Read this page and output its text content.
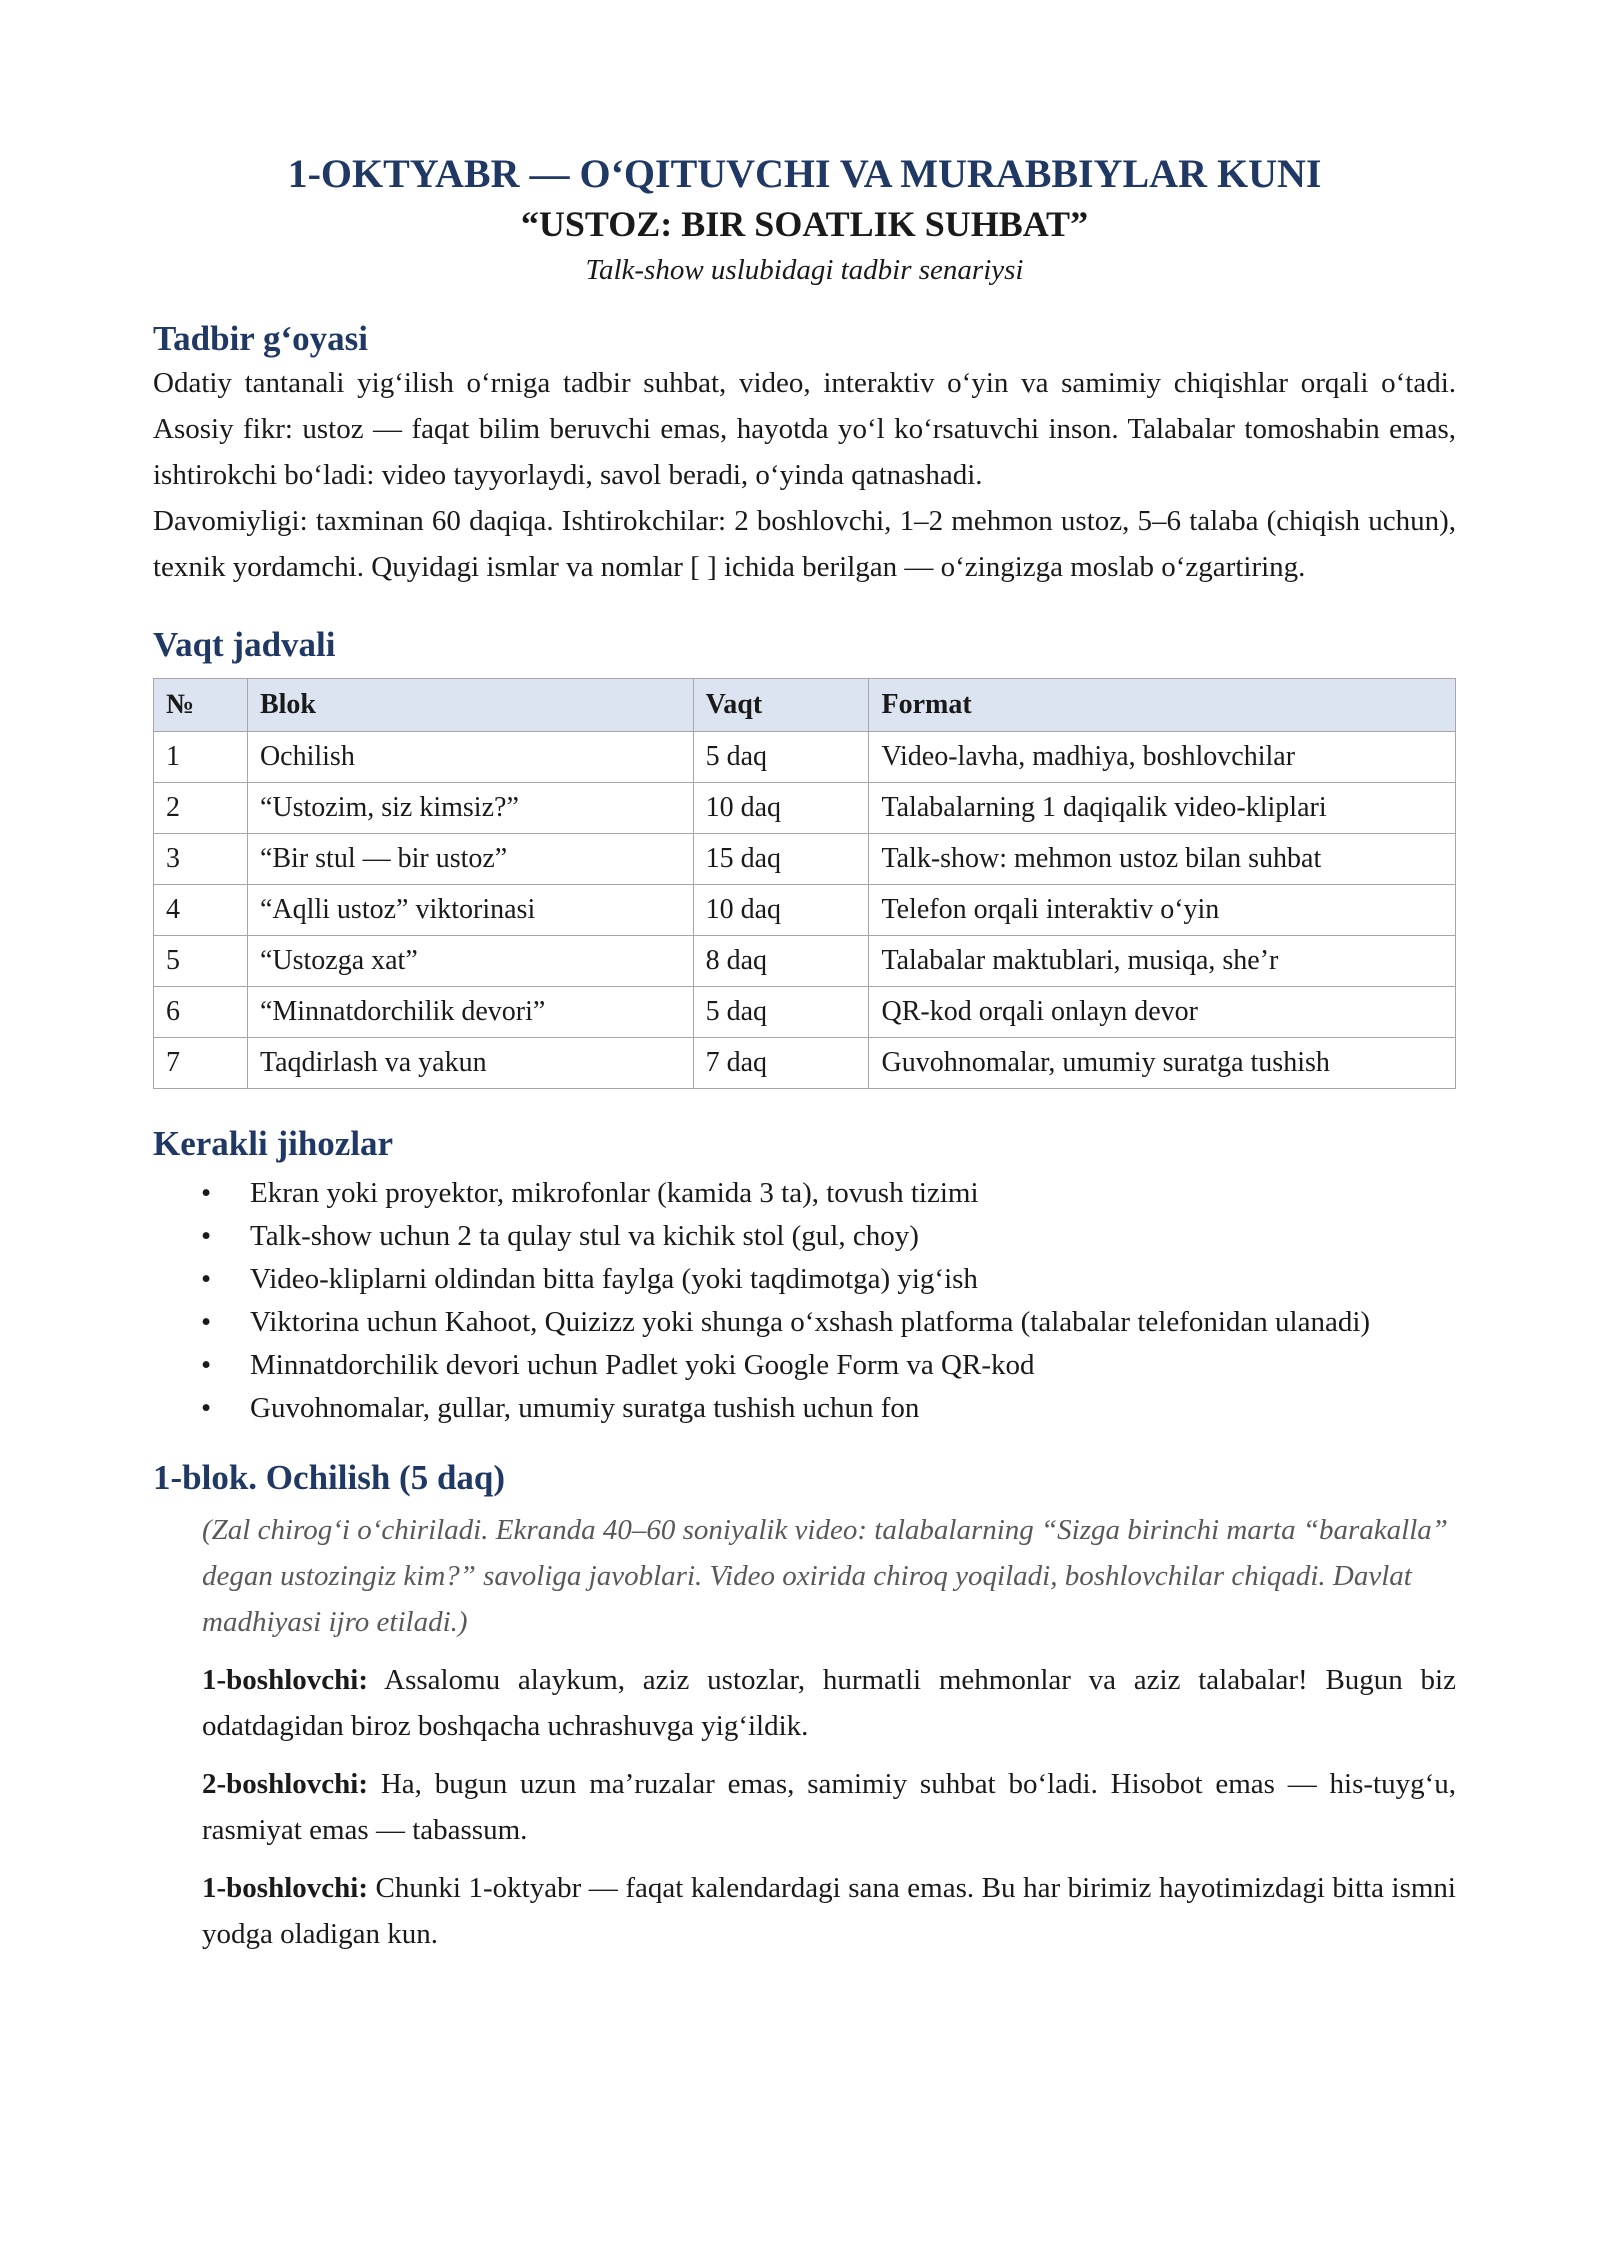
1-OKTYABR — O‘QITUVCHI VA MURABBIYLAR KUNI
“USTOZ: BIR SOATLIK SUHBAT”
Talk-show uslubidagi tadbir senariysi
Tadbir g‘oyasi

Odatiy tantanali yig‘ilish o‘rniga tadbir suhbat, video, interaktiv o‘yin va samimiy chiqishlar orqali o‘tadi. Asosiy fikr: ustoz — faqat bilim beruvchi emas, hayotda yo‘l ko‘rsatuvchi inson. Talabalar tomoshabin emas, ishtirokchi bo‘ladi: video tayyorlaydi, savol beradi, o‘yinda qatnashadi.

Davomiyligi: taxminan 60 daqiqa. Ishtirokchilar: 2 boshlovchi, 1–2 mehmon ustoz, 5–6 talaba (chiqish uchun), texnik yordamchi. Quyidagi ismlar va nomlar [ ] ichida berilgan — o‘zingizga moslab o‘zgartiring.

Vaqt jadvali
№	Blok	Vaqt	Format
1	Ochilish	5 daq	Video-lavha, madhiya, boshlovchilar
2	“Ustozim, siz kimsiz?”	10 daq	Talabalarning 1 daqiqalik video-kliplari
3	“Bir stul — bir ustoz”	15 daq	Talk-show: mehmon ustoz bilan suhbat
4	“Aqlli ustoz” viktorinasi	10 daq	Telefon orqali interaktiv o‘yin
5	“Ustozga xat”	8 daq	Talabalar maktublari, musiqa, she’r
6	“Minnatdorchilik devori”	5 daq	QR-kod orqali onlayn devor
7	Taqdirlash va yakun	7 daq	Guvohnomalar, umumiy suratga tushish
Kerakli jihozlar
• Ekran yoki proyektor, mikrofonlar (kamida 3 ta), tovush tizimi
• Talk-show uchun 2 ta qulay stul va kichik stol (gul, choy)
• Video-kliplarni oldindan bitta faylga (yoki taqdimotga) yig‘ish
• Viktorina uchun Kahoot, Quizizz yoki shunga o‘xshash platforma (talabalar telefonidan ulanadi)
• Minnatdorchilik devori uchun Padlet yoki Google Form va QR-kod
• Guvohnomalar, gullar, umumiy suratga tushish uchun fon
1-blok. Ochilish (5 daq)

(Zal chirog‘i o‘chiriladi. Ekranda 40–60 soniyalik video: talabalarning “Sizga birinchi marta “barakalla” degan ustozingiz kim?” savoliga javoblari. Video oxirida chiroq yoqiladi, boshlovchilar chiqadi. Davlat madhiyasi ijro etiladi.)

1-boshlovchi: Assalomu alaykum, aziz ustozlar, hurmatli mehmonlar va aziz talabalar! Bugun biz odatdagidan biroz boshqacha uchrashuvga yig‘ildik.

2-boshlovchi: Ha, bugun uzun ma’ruzalar emas, samimiy suhbat bo‘ladi. Hisobot emas — his-tuyg‘u, rasmiyat emas — tabassum.

1-boshlovchi: Chunki 1-oktyabr — faqat kalendardagi sana emas. Bu har birimiz hayotimizdagi bitta ismni yodga oladigan kun.
